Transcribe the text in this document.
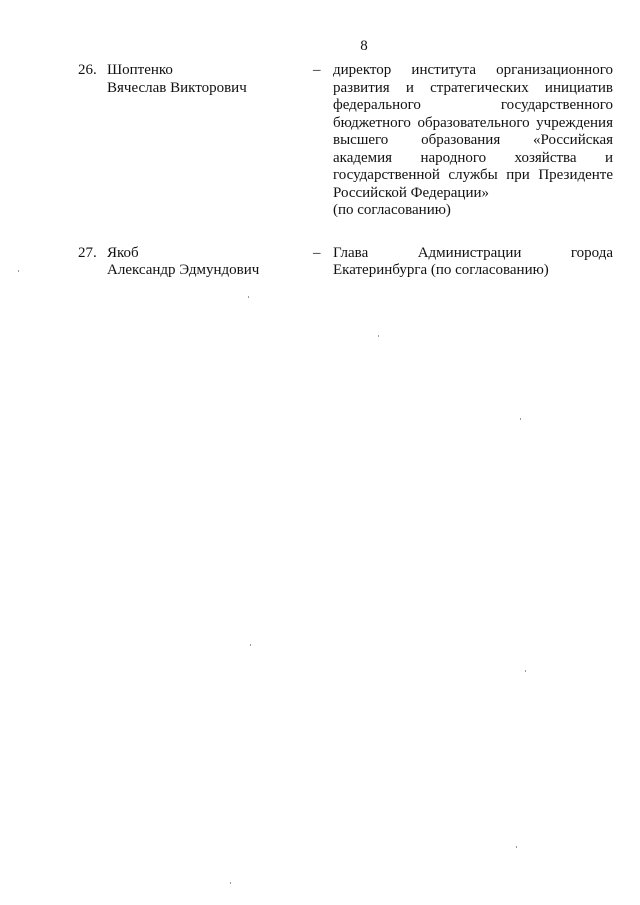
8
26. Шоптенко
Вячеслав Викторович
– директор института организационного
развития и стратегических инициатив
федерального государственного
бюджетного образовательного учреждения
высшего образования «Российская
академия народного хозяйства и
государственной службы при Президенте
Российской Федерации»
(по согласованию)
27. Якоб
Александр Эдмундович
– Глава Администрации города
Екатеринбурга (по согласованию)
